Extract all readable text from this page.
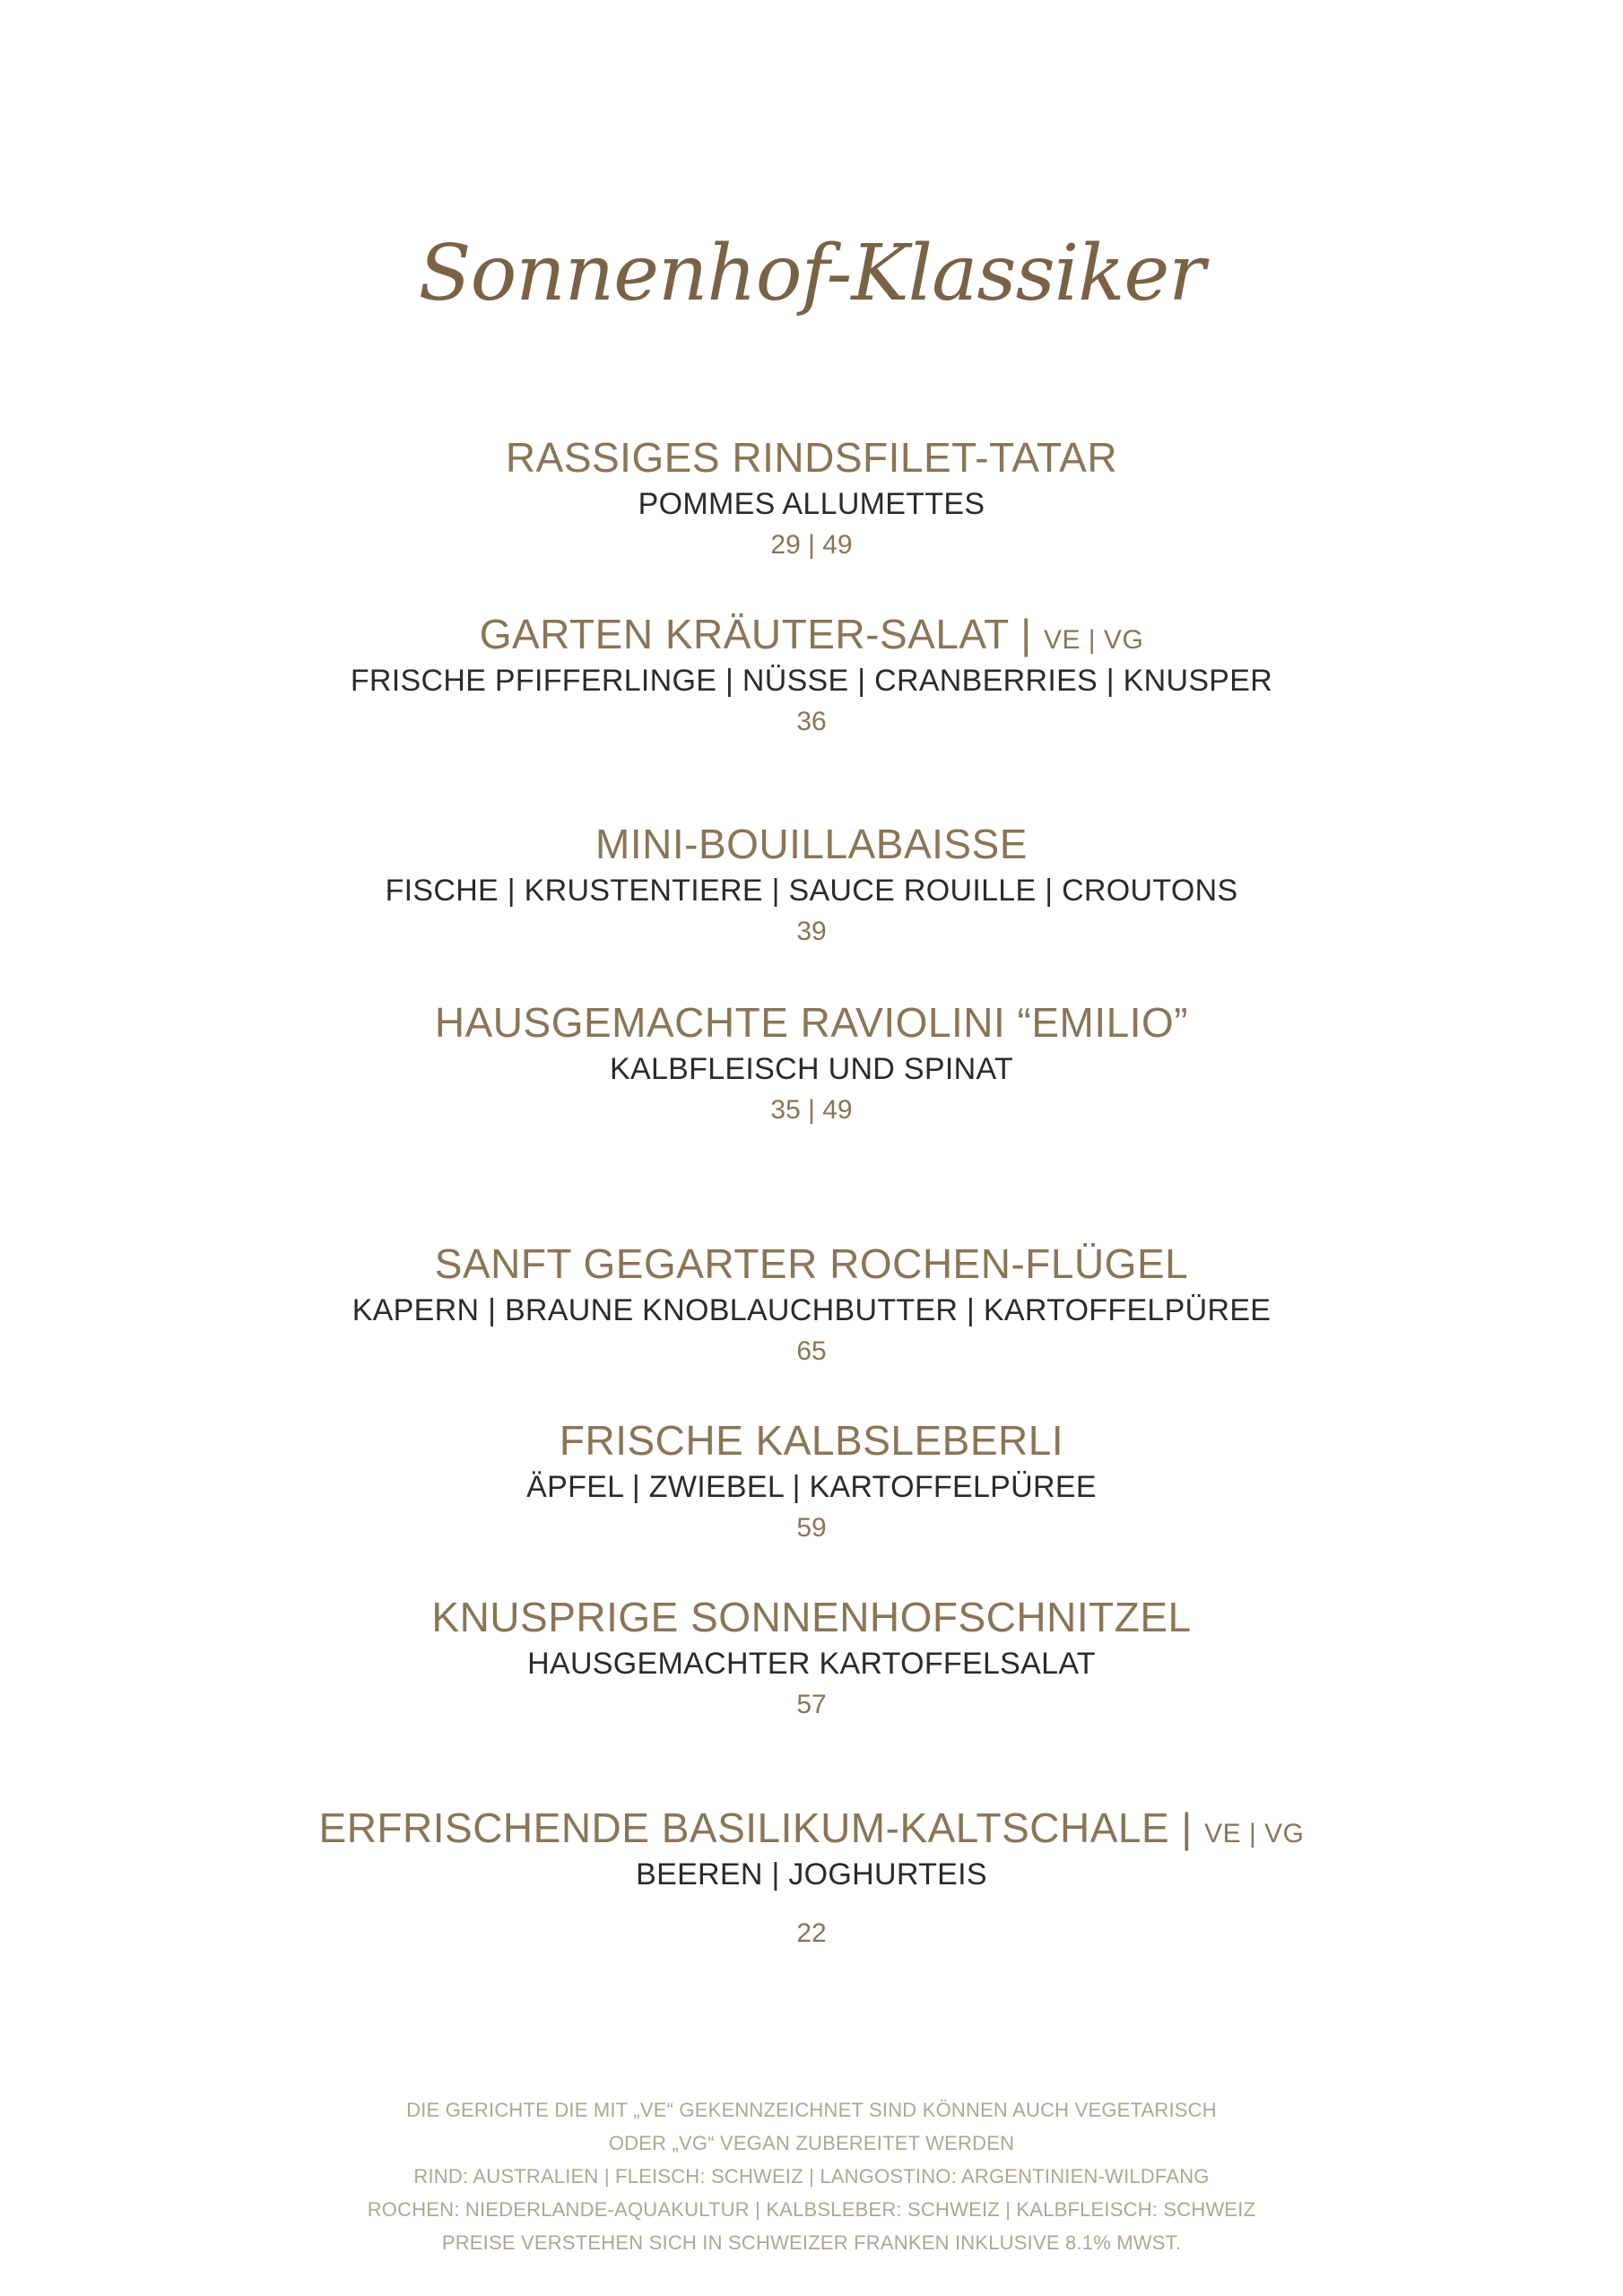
Sonnenhof-Klassiker
RASSIGES RINDSFILET-TATAR
POMMES ALLUMETTES
29 | 49
GARTEN KRÄUTER-SALAT | VE | VG
FRISCHE PFIFFERLINGE | NÜSSE | CRANBERRIES | KNUSPER
36
MINI-BOUILLABAISSE
FISCHE | KRUSTENTIERE | SAUCE ROUILLE | CROUTONS
39
HAUSGEMACHTE RAVIOLINI “EMILIO”
KALBFLEISCH UND SPINAT
35 | 49
SANFT GEGARTER ROCHEN-FLÜGEL
KAPERN | BRAUNE KNOBLAUCHBUTTER | KARTOFFELPÜREE
65
FRISCHE KALBSLEBERLI
ÄPFEL | ZWIEBEL | KARTOFFELPÜREE
59
KNUSPRIGE SONNENHOFSCHNITZEL
HAUSGEMACHTER KARTOFFELSALAT
57
ERFRISCHENDE BASILIKUM-KALTSCHALE | VE | VG
BEEREN | JOGHURTEIS
22
DIE GERICHTE DIE MIT „VE“ GEKENNZEICHNET SIND KÖNNEN AUCH VEGETARISCH
ODER „VG“ VEGAN ZUBEREITET WERDEN
RIND: AUSTRALIEN | FLEISCH: SCHWEIZ | LANGOSTINO: ARGENTINIEN-WILDFANG
ROCHEN: NIEDERLANDE-AQUAKULTUR | KALBSLEBER: SCHWEIZ | KALBFLEISCH: SCHWEIZ
PREISE VERSTEHEN SICH IN SCHWEIZER FRANKEN INKLUSIVE 8.1% MWST.
